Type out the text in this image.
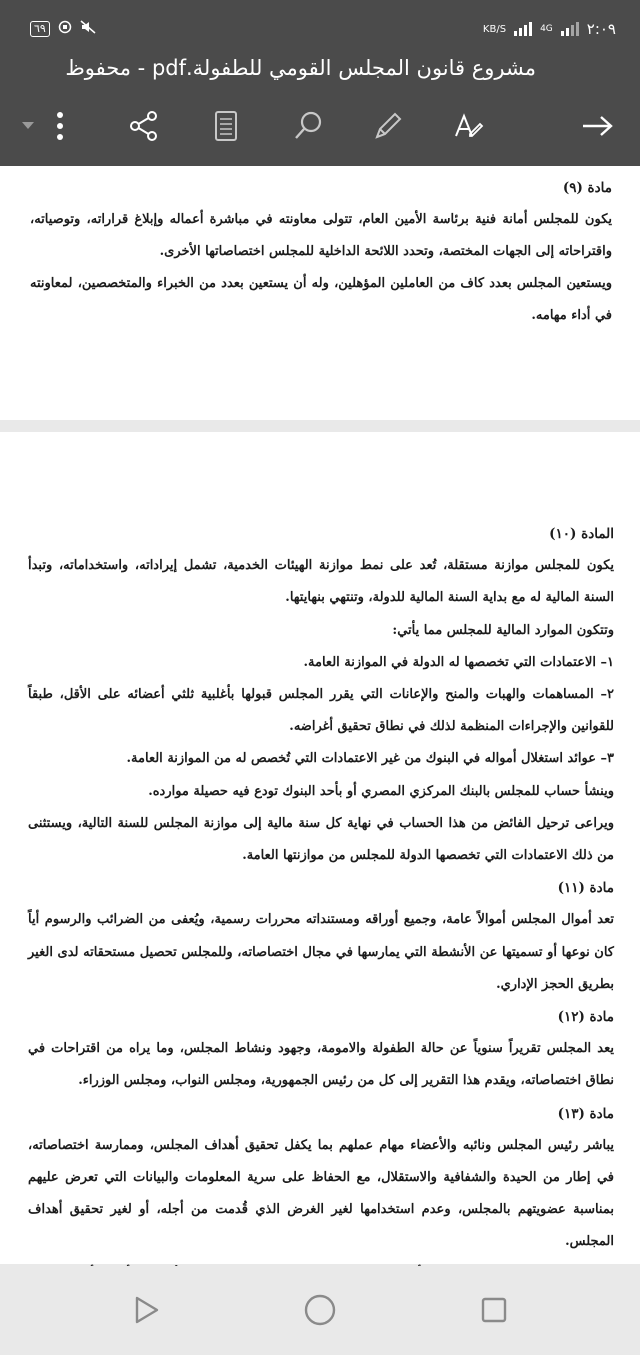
٦٩	KB/S	4G ٢:٠٩
مشروع قانون المجلس القومي للطفولة.pdf - محفوظ

مادة (٩)

يكون للمجلس أمانة فنية برئاسة الأمين العام، تتولى معاونته في مباشرة أعماله وإبلاغ قراراته، وتوصياته، واقتراحاته إلى الجهات المختصة، وتحدد اللائحة الداخلية للمجلس اختصاصاتها الأخرى.

ويستعين المجلس بعدد كاف من العاملين المؤهلين، وله أن يستعين بعدد من الخبراء والمتخصصين، لمعاونته في أداء مهامه.

المادة (١٠)

يكون للمجلس موازنة مستقلة، تُعد على نمط موازنة الهيئات الخدمية، تشمل إيراداته، واستخداماته، وتبدأ السنة المالية له مع بداية السنة المالية للدولة، وتنتهي بنهايتها.

وتتكون الموارد المالية للمجلس مما يأتي:

١– الاعتمادات التي تخصصها له الدولة في الموازنة العامة.

٢– المساهمات والهبات والمنح والإعانات التي يقرر المجلس قبولها بأغلبية ثلثي أعضائه على الأقل، طبقاً للقوانين والإجراءات المنظمة لذلك في نطاق تحقيق أغراضه.

٣– عوائد استغلال أمواله في البنوك من غير الاعتمادات التي تُخصص له من الموازنة العامة.

وينشأ حساب للمجلس بالبنك المركزي المصري أو بأحد البنوك تودع فيه حصيلة موارده.

ويراعى ترحيل الفائض من هذا الحساب في نهاية كل سنة مالية إلى موازنة المجلس للسنة التالية، ويستثنى من ذلك الاعتمادات التي تخصصها الدولة للمجلس من موازنتها العامة.

مادة (١١)

تعد أموال المجلس أموالاً عامة، وجميع أوراقه ومستنداته محررات رسمية، ويُعفى من الضرائب والرسوم أياً كان نوعها أو تسميتها عن الأنشطة التي يمارسها في مجال اختصاصاته، وللمجلس تحصيل مستحقاته لدى الغير بطريق الحجز الإداري.

مادة (١٢)

يعد المجلس تقريراً سنوياً عن حالة الطفولة والامومة، وجهود ونشاط المجلس، وما يراه من اقتراحات في نطاق اختصاصاته، ويقدم هذا التقرير إلى كل من رئيس الجمهورية، ومجلس النواب، ومجلس الوزراء.

مادة (١٣)

يباشر رئيس المجلس ونائبه والأعضاء مهام عملهم بما يكفل تحقيق أهداف المجلس، وممارسة اختصاصاته، في إطار من الحيدة والشفافية والاستقلال، مع الحفاظ على سرية المعلومات والبيانات التي تعرض عليهم بمناسبة عضويتهم بالمجلس، وعدم استخدامها لغير الغرض الذي قُدمت من أجله، أو لغير تحقيق أهداف المجلس.
